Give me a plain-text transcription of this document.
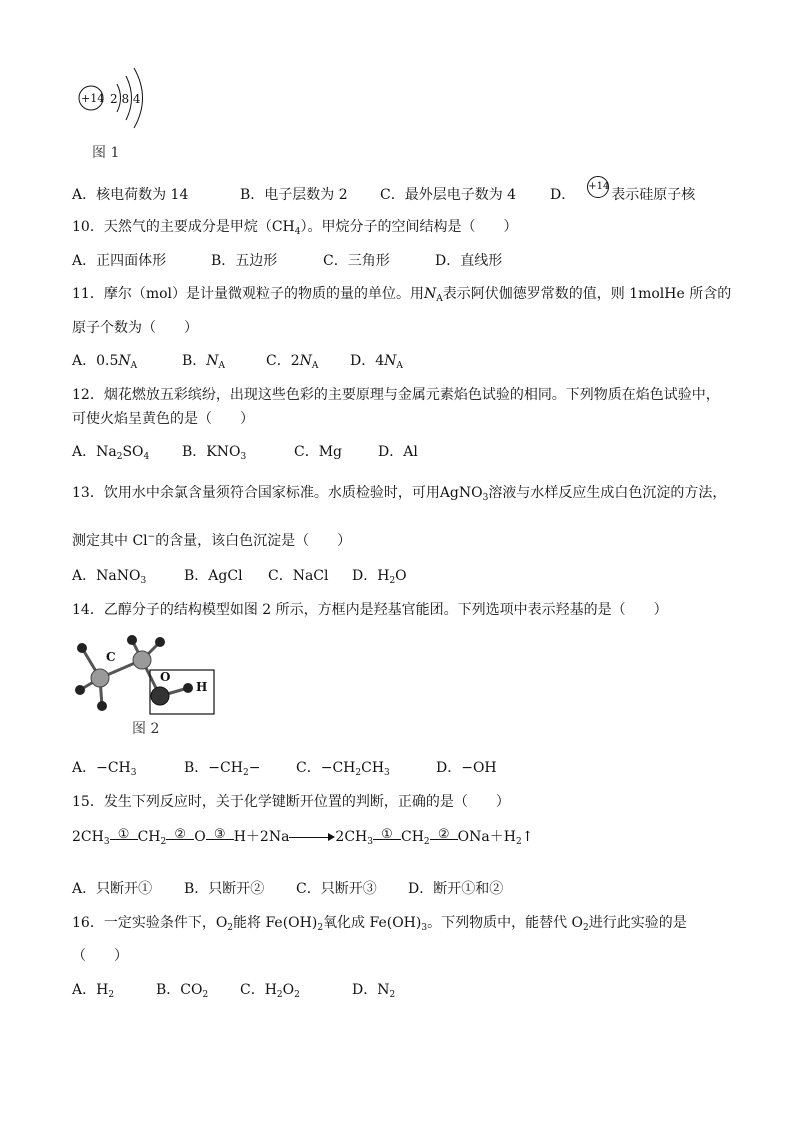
+14 2 8 4
图 1
A．核电荷数为 14	B．电子层数为 2 C．最外层电子数为 4 D．+14表示硅原子核
10．天然气的主要成分是甲烷$(CH_4)$。甲烷分子的空间结构是（　　）
A．正四面体形	B．五边形	C．三角形	D．直线形
11．摩尔（mol）是计量微观粒子的物质的量的单位。用$N_A$表示阿伏伽德罗常数的值，则 1molHe 所含的
原子个数为（　　）
A．$0.5N_A$	B．$N_A$	C．$2N_A$ D．$4N_A$
12．烟花燃放五彩缤纷，出现这些色彩的主要原理与金属元素焰色试验的相同。下列物质在焰色试验中，
可使火焰呈黄色的是（　　）
A．$Na_2SO_4$ B．$KNO_3$	C．Mg	D．Al
13．饮用水中余氯含量须符合国家标准。水质检验时，可用AgNO$_3$溶液与水样反应生成白色沉淀的方法，
测定其中 Cl−的含量，该白色沉淀是（　　）
A．NaNO$_3$	B．AgCl C．NaCl D．$H_2O$
14．乙醇分子的结构模型如图 2 所示，方框内是羟基官能团。下列选项中表示羟基的是（　　）
C
O
H
图 2
A．$-CH_3$	B．$-CH_2-$	C．$-CH_2CH_3$	D．−OH
15．发生下列反应时，关于化学键断开位置的判断，正确的是（　　）
$2CH_3$ ① $CH_2$ ② O ③ H＋2Na	$2CH_3$ ① $CH_2$ ② $ONa+H_2↑$
A．只断开① B．只断开② C．只断开③ D．断开①和②
16．一定实验条件下，$O_2$能将 $Fe(OH)_2$氧化成 $Fe(OH)_3$。下列物质中，能替代 $O_2$进行此实验的是
（　　）
A．$H_2$	B．$CO_2$ C．$H_2O_2$	D．$N_2$
